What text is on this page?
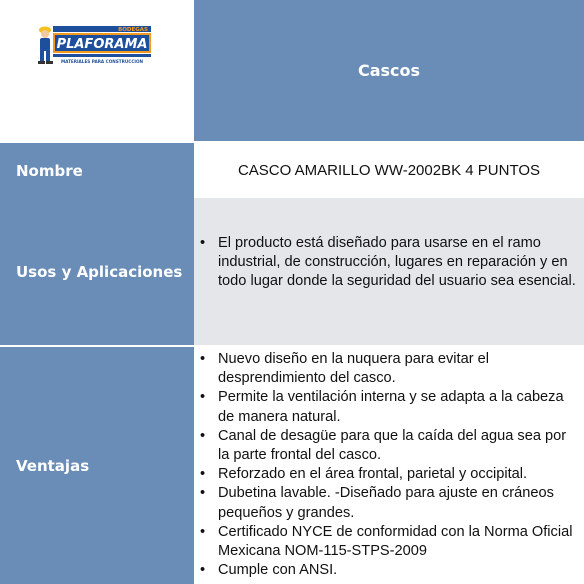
BODEGAS
PLAFORAMA
MATERIALES PARA CONSTRUCCION	Cascos
Nombre	CASCO AMARILLO WW-2002BK 4 PUNTOS
Usos y Aplicaciones
• El producto está diseñado para usarse en el ramo industrial, de construcción, lugares en reparación y en todo lugar donde la seguridad del usuario sea esencial.
Ventajas
• Nuevo diseño en la nuquera para evitar el desprendimiento del casco.
• Permite la ventilación interna y se adapta a la cabeza de manera natural.
• Canal de desagüe para que la caída del agua sea por la parte frontal del casco.
• Reforzado en el área frontal, parietal y occipital.
• Dubetina lavable. -Diseñado para ajuste en cráneos pequeños y grandes.
• Certificado NYCE de conformidad con la Norma Oficial Mexicana NOM-115-STPS-2009
• Cumple con ANSI.
